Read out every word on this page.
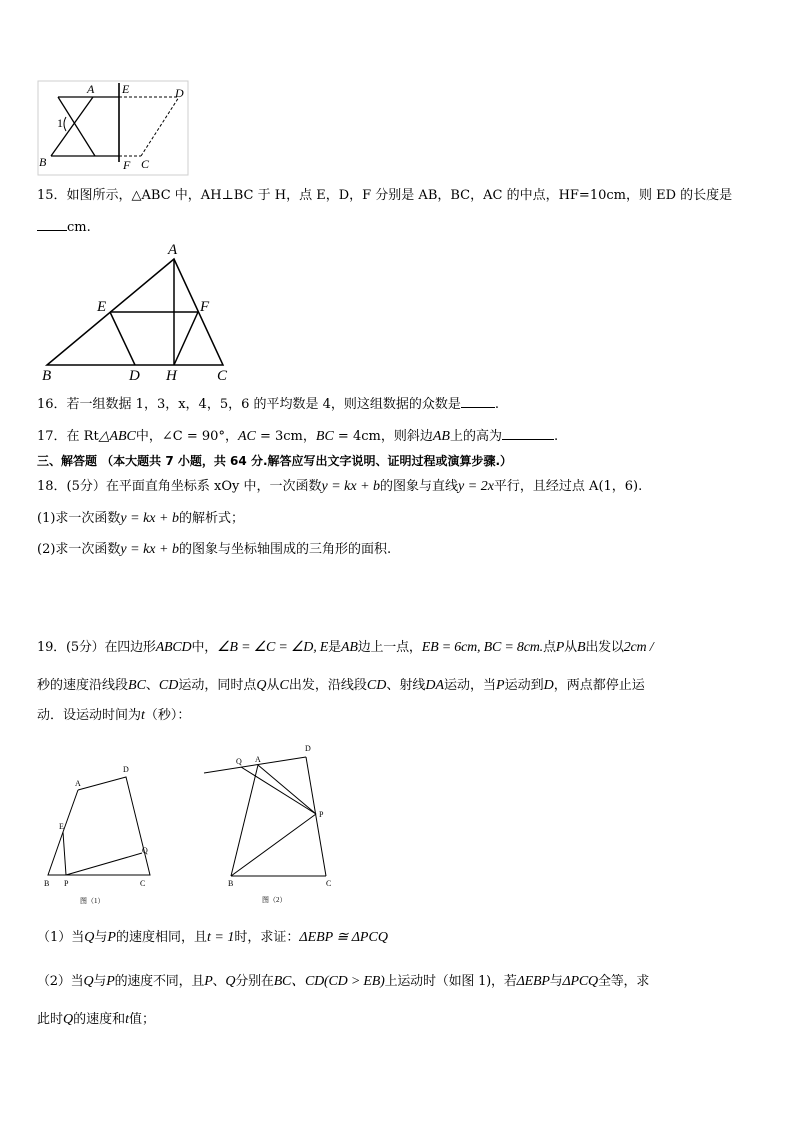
A
B	C
D
E
F
1
15．如图所示，△ABC 中，AH⊥BC 于 H，点 E，D，F 分别是 AB，BC，AC 的中点，HF=10cm，则 ED 的长度是
cm.
A
B	C
D
E	F
H
16．若一组数据 1，3，x，4，5，6 的平均数是 4，则这组数据的众数是	.
17．在 Rt△ABC中，∠C = 90°，AC = 3cm，BC = 4cm，则斜边AB上的高为	.
三、解答题 （本大题共 7 小题，共 64 分.解答应写出文字说明、证明过程或演算步骤.）
18．(5分）在平面直角坐标系 xOy 中，一次函数y = kx + b的图象与直线y = 2x平行，且经过点 A(1，6).
(1)求一次函数y = kx + b的解析式；
(2)求一次函数y = kx + b的图象与坐标轴围成的三角形的面积.
19．(5分）在四边形ABCD中，∠B = ∠C = ∠D, E是AB边上一点，EB = 6cm, BC = 8cm.点P从B出发以2cm /
秒的速度沿线段BC、CD运动，同时点Q从C出发，沿线段CD、射线DA运动，当P运动到D，两点都停止运
动．设运动时间为t（秒）：
A
D
E
Q
B P	C
图（1）
Q A
D
P
B	C
图（2）
（1）当Q与P的速度相同，且t = 1时，求证：ΔEBP ≅ ΔPCQ
（2）当Q与P的速度不同，且P、Q分别在BC、CD(CD > EB)上运动时（如图 1)，若ΔEBP与ΔPCQ全等，求
此时Q的速度和t值；
